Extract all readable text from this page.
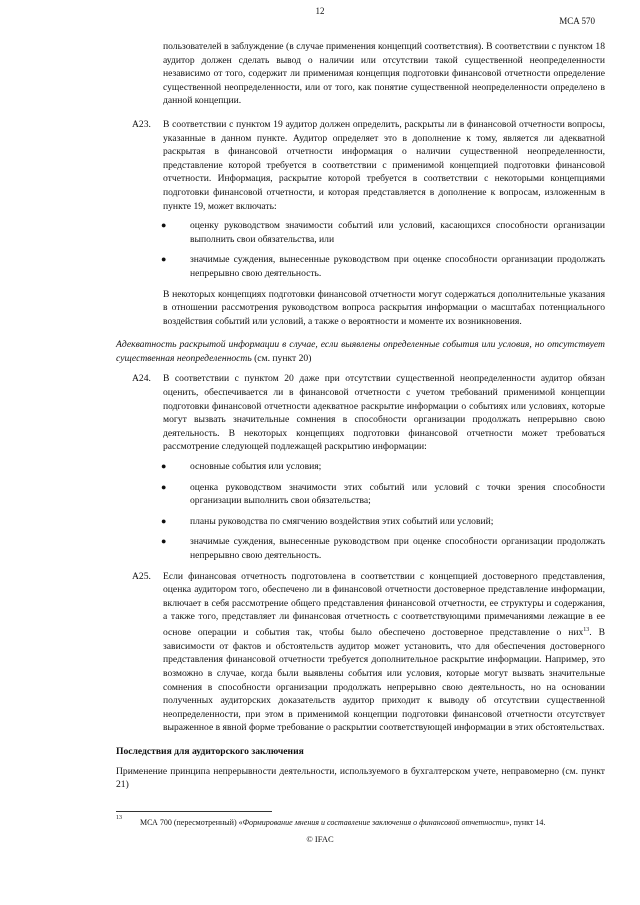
12
MCA 570

пользователей в заблуждение (в случае применения концепций соответствия). В соответствии с пунктом 18 аудитор должен сделать вывод о наличии или отсутствии такой существенной неопределенности независимо от того, содержит ли применимая концепция подготовки финансовой отчетности определение существенной неопределенности, или от того, как понятие существенной неопределенности определено в данной концепции.

A23. В соответствии с пунктом 19 аудитор должен определить, раскрыты ли в финансовой отчетности вопросы, указанные в данном пункте. Аудитор определяет это в дополнение к тому, является ли адекватной раскрытая в финансовой отчетности информация о наличии существенной неопределенности, представление которой требуется в соответствии с применимой концепцией подготовки финансовой отчетности. Информация, раскрытие которой требуется в соответствии с некоторыми концепциями подготовки финансовой отчетности, и которая представляется в дополнение к вопросам, изложенным в пункте 19, может включать:

● оценку руководством значимости событий или условий, касающихся способности организации выполнить свои обязательства, или

● значимые суждения, вынесенные руководством при оценке способности организации продолжать непрерывно свою деятельность.

В некоторых концепциях подготовки финансовой отчетности могут содержаться дополнительные указания в отношении рассмотрения руководством вопроса раскрытия информации о масштабах потенциального воздействия событий или условий, а также о вероятности и моменте их возникновения.

Адекватность раскрытой информации в случае, если выявлены определенные события или условия, но отсутствует существенная неопределенность (см. пункт 20)

A24. В соответствии с пунктом 20 даже при отсутствии существенной неопределенности аудитор обязан оценить, обеспечивается ли в финансовой отчетности с учетом требований применимой концепции подготовки финансовой отчетности адекватное раскрытие информации о событиях или условиях, которые могут вызвать значительные сомнения в способности организации продолжать непрерывно свою деятельность. В некоторых концепциях подготовки финансовой отчетности может требоваться рассмотрение следующей подлежащей раскрытию информации:

● основные события или условия;

● оценка руководством значимости этих событий или условий с точки зрения способности организации выполнить свои обязательства;

● планы руководства по смягчению воздействия этих событий или условий;

● значимые суждения, вынесенные руководством при оценке способности организации продолжать непрерывно свою деятельность.

A25. Если финансовая отчетность подготовлена в соответствии с концепцией достоверного представления, оценка аудитором того, обеспечено ли в финансовой отчетности достоверное представление информации, включает в себя рассмотрение общего представления финансовой отчетности, ее структуры и содержания, а также того, представляет ли финансовая отчетность с соответствующими примечаниями лежащие в ее основе операции и события так, чтобы было обеспечено достоверное представление о них$^{13}$. В зависимости от фактов и обстоятельств аудитор может установить, что для обеспечения достоверного представления финансовой отчетности требуется дополнительное раскрытие информации. Например, это возможно в случае, когда были выявлены события или условия, которые могут вызвать значительные сомнения в способности организации продолжать непрерывно свою деятельность, но на основании полученных аудиторских доказательств аудитор приходит к выводу об отсутствии существенной неопределенности, при этом в применимой концепции подготовки финансовой отчетности отсутствует выраженное в явной форме требование о раскрытии соответствующей информации в этих обстоятельствах.

Последствия для аудиторского заключения

Применение принципа непрерывности деятельности, используемого в бухгалтерском учете, неправомерно (см. пункт 21)

13	МСА 700 (пересмотренный) «Формирование мнения и составление заключения о финансовой отчетности», пункт 14.
© IFAC
